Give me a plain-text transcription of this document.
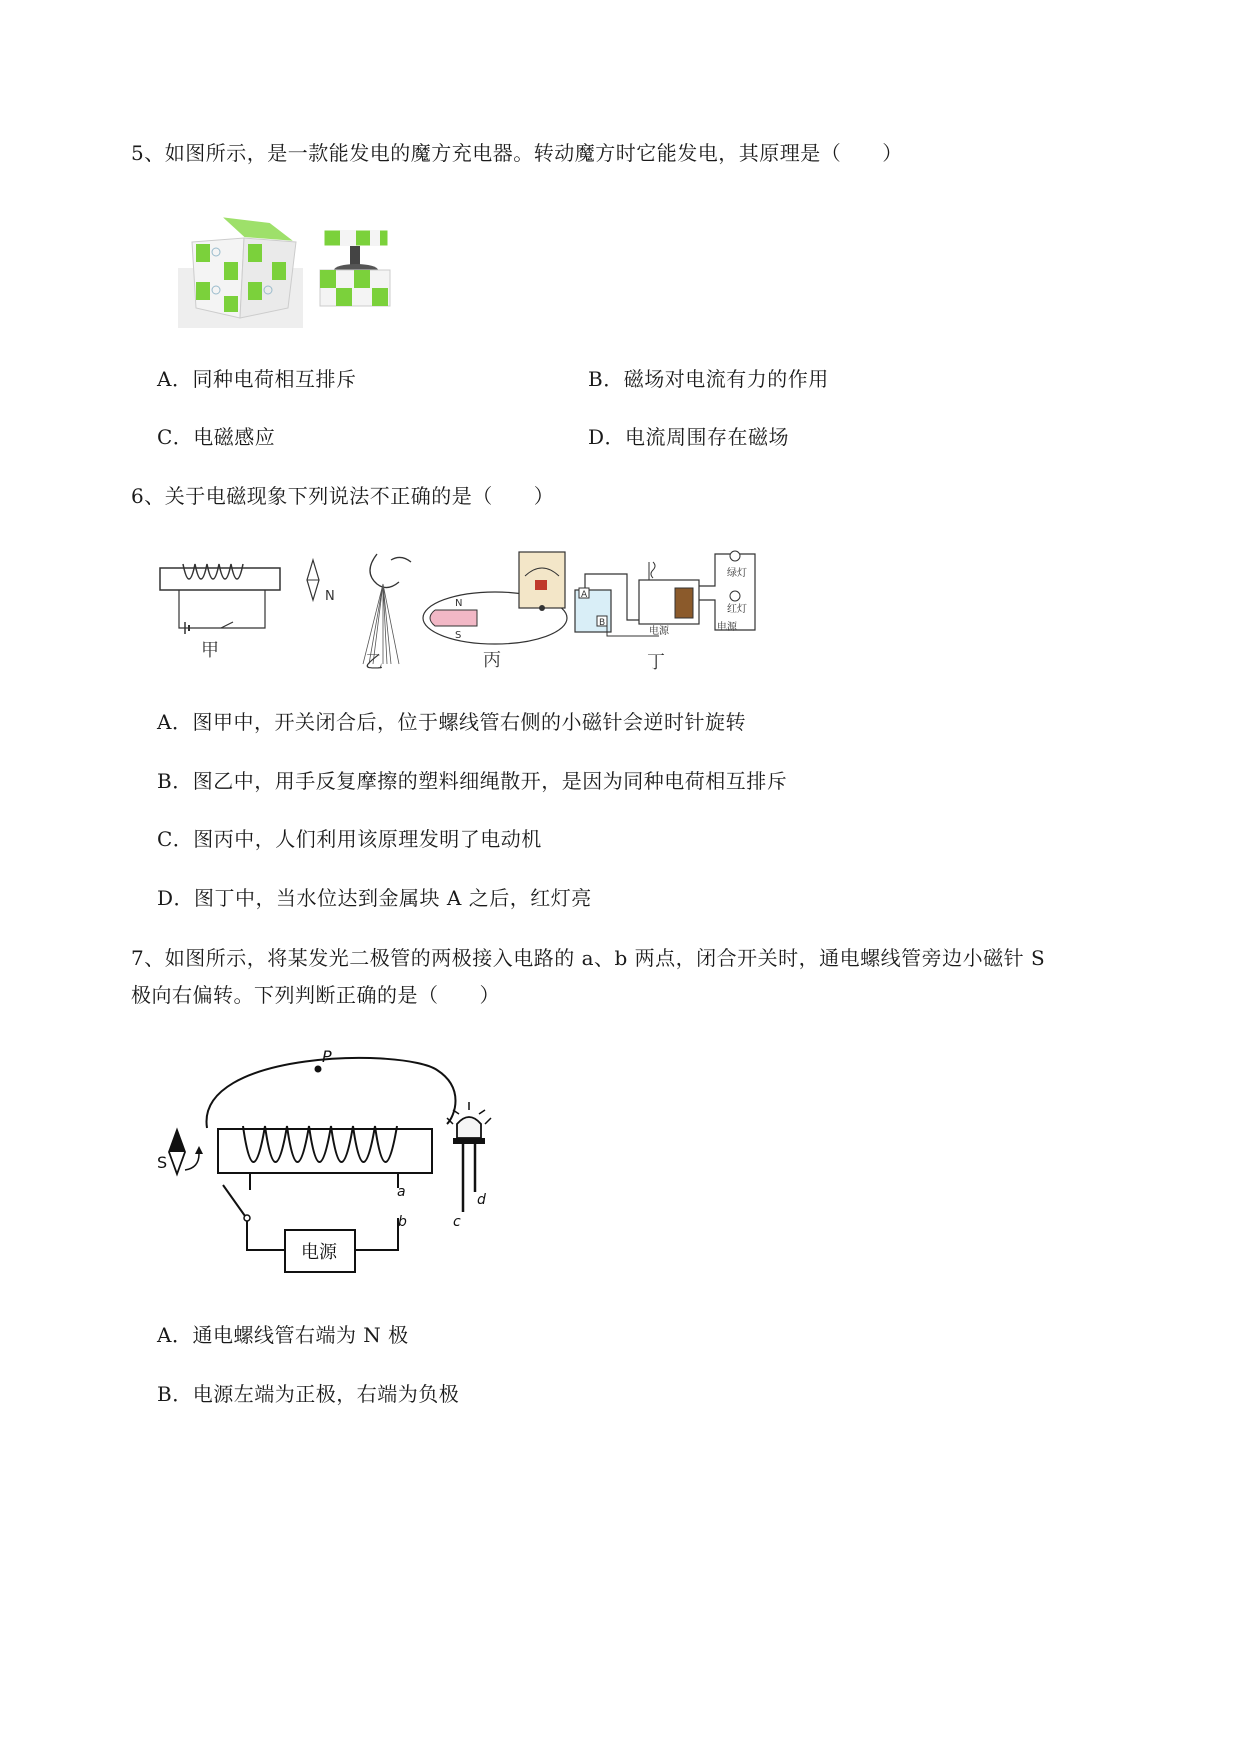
5、如图所示，是一款能发电的魔方充电器。转动魔方时它能发电，其原理是（　　）
A．同种电荷相互排斥	B．磁场对电流有力的作用
C．电磁感应	D．电流周围存在磁场
6、关于电磁现象下列说法不正确的是（　　）
甲
N
乙
N
S
丙
A
B
电源
绿灯
红灯
电源
丁
A．图甲中，开关闭合后，位于螺线管右侧的小磁针会逆时针旋转
B．图乙中，用手反复摩擦的塑料细绳散开，是因为同种电荷相互排斥
C．图丙中，人们利用该原理发明了电动机
D．图丁中，当水位达到金属块 A 之后，红灯亮
7、如图所示，将某发光二极管的两极接入电路的 a、b 两点，闭合开关时，通电螺线管旁边小磁针 S
极向右偏转。下列判断正确的是（　　）
P
S
电源
a
b	c
d
A．通电螺线管右端为 N 极
B．电源左端为正极，右端为负极
